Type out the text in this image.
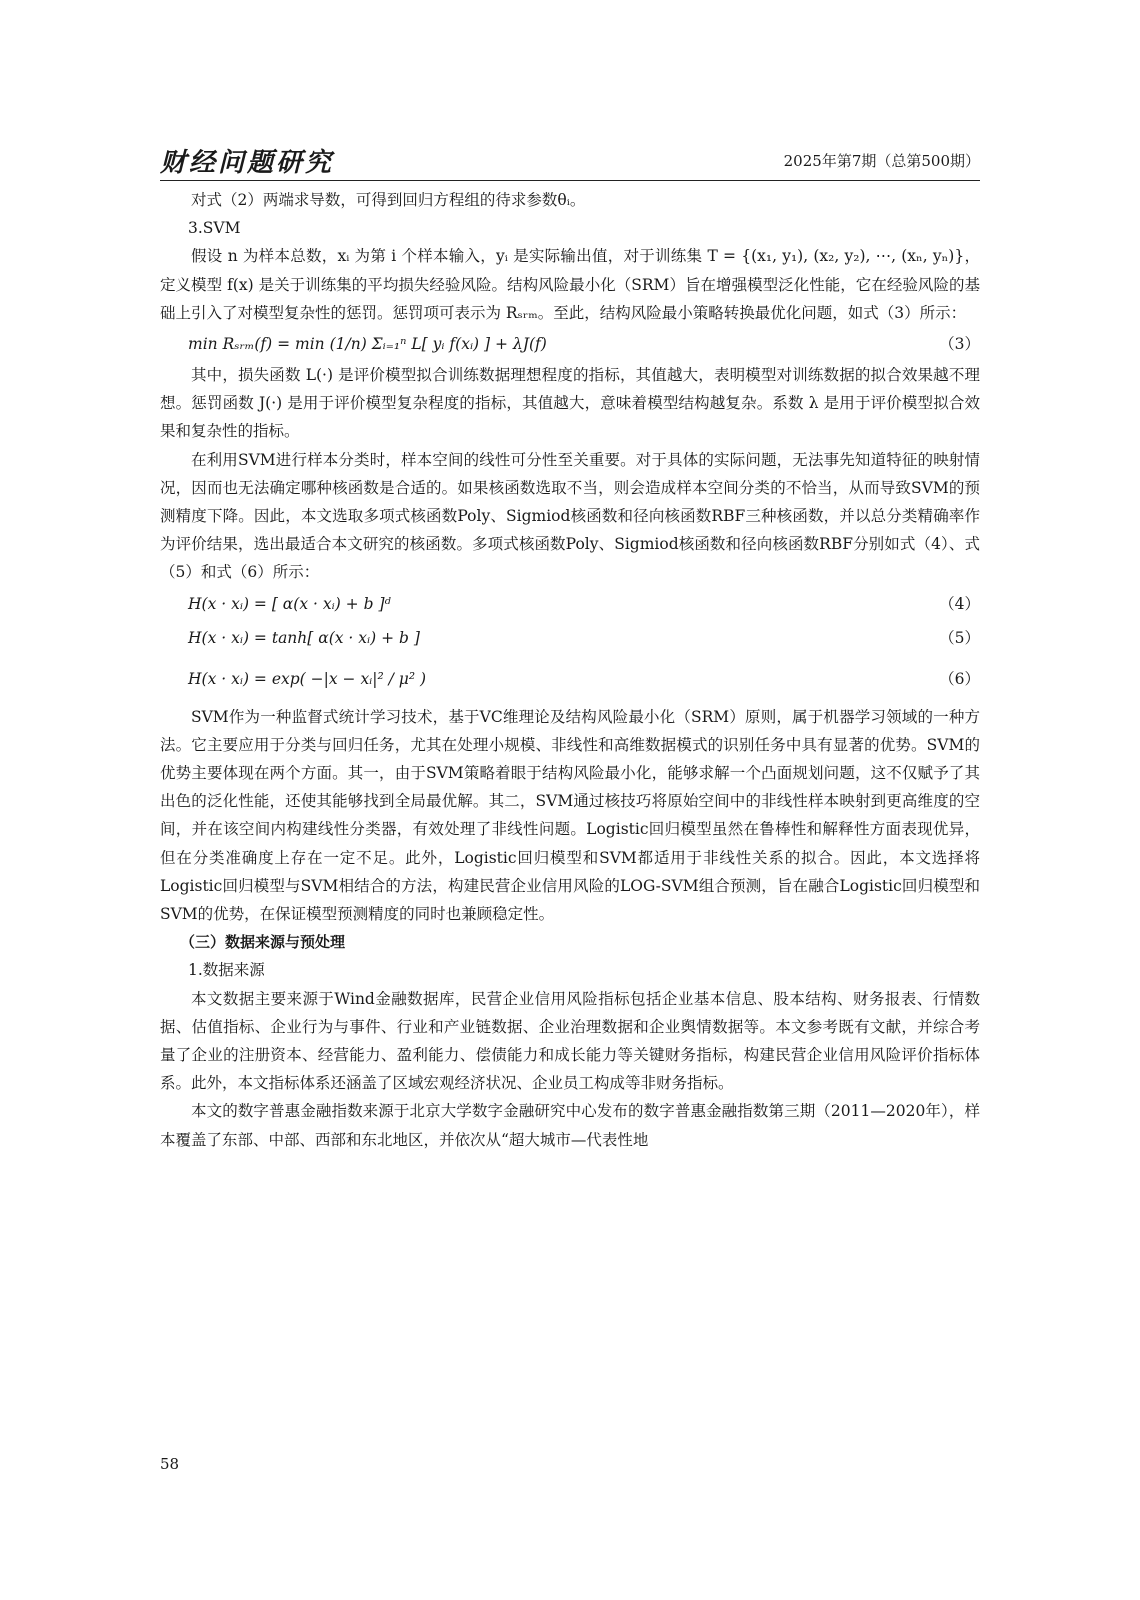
财经问题研究	2025年第7期（总第500期）

对式（2）两端求导数，可得到回归方程组的待求参数θᵢ。

3.SVM

假设 n 为样本总数，xᵢ 为第 i 个样本输入，yᵢ 是实际输出值，对于训练集 T = {(x₁, y₁), (x₂, y₂), ⋯, (xₙ, yₙ)}，定义模型 f(x) 是关于训练集的平均损失经验风险。结构风险最小化（SRM）旨在增强模型泛化性能，它在经验风险的基础上引入了对模型复杂性的惩罚。惩罚项可表示为 Rₛᵣₘ。至此，结构风险最小策略转换最优化问题，如式（3）所示：

min Rₛᵣₘ(f) = min (1/n) Σᵢ₌₁ⁿ L[ yᵢ f(xᵢ) ] + λJ(f)	（3）

其中，损失函数 L(·) 是评价模型拟合训练数据理想程度的指标，其值越大，表明模型对训练数据的拟合效果越不理想。惩罚函数 J(·) 是用于评价模型复杂程度的指标，其值越大，意味着模型结构越复杂。系数 λ 是用于评价模型拟合效果和复杂性的指标。

在利用SVM进行样本分类时，样本空间的线性可分性至关重要。对于具体的实际问题，无法事先知道特征的映射情况，因而也无法确定哪种核函数是合适的。如果核函数选取不当，则会造成样本空间分类的不恰当，从而导致SVM的预测精度下降。因此，本文选取多项式核函数Poly、Sigmiod核函数和径向核函数RBF三种核函数，并以总分类精确率作为评价结果，选出最适合本文研究的核函数。多项式核函数Poly、Sigmiod核函数和径向核函数RBF分别如式（4）、式（5）和式（6）所示：

H(x · xᵢ) = [ α(x · xᵢ) + b ]ᵈ	（4）
H(x · xᵢ) = tanh[ α(x · xᵢ) + b ]	（5）
H(x · xᵢ) = exp( −|x − xᵢ|² / μ² )	（6）

SVM作为一种监督式统计学习技术，基于VC维理论及结构风险最小化（SRM）原则，属于机器学习领域的一种方法。它主要应用于分类与回归任务，尤其在处理小规模、非线性和高维数据模式的识别任务中具有显著的优势。SVM的优势主要体现在两个方面。其一，由于SVM策略着眼于结构风险最小化，能够求解一个凸面规划问题，这不仅赋予了其出色的泛化性能，还使其能够找到全局最优解。其二，SVM通过核技巧将原始空间中的非线性样本映射到更高维度的空间，并在该空间内构建线性分类器，有效处理了非线性问题。Logistic回归模型虽然在鲁棒性和解释性方面表现优异，但在分类准确度上存在一定不足。此外，Logistic回归模型和SVM都适用于非线性关系的拟合。因此，本文选择将Logistic回归模型与SVM相结合的方法，构建民营企业信用风险的LOG-SVM组合预测，旨在融合Logistic回归模型和SVM的优势，在保证模型预测精度的同时也兼顾稳定性。

（三）数据来源与预处理

1.数据来源

本文数据主要来源于Wind金融数据库，民营企业信用风险指标包括企业基本信息、股本结构、财务报表、行情数据、估值指标、企业行为与事件、行业和产业链数据、企业治理数据和企业舆情数据等。本文参考既有文献，并综合考量了企业的注册资本、经营能力、盈利能力、偿债能力和成长能力等关键财务指标，构建民营企业信用风险评价指标体系。此外，本文指标体系还涵盖了区域宏观经济状况、企业员工构成等非财务指标。

本文的数字普惠金融指数来源于北京大学数字金融研究中心发布的数字普惠金融指数第三期（2011—2020年），样本覆盖了东部、中部、西部和东北地区，并依次从“超大城市—代表性地

58
